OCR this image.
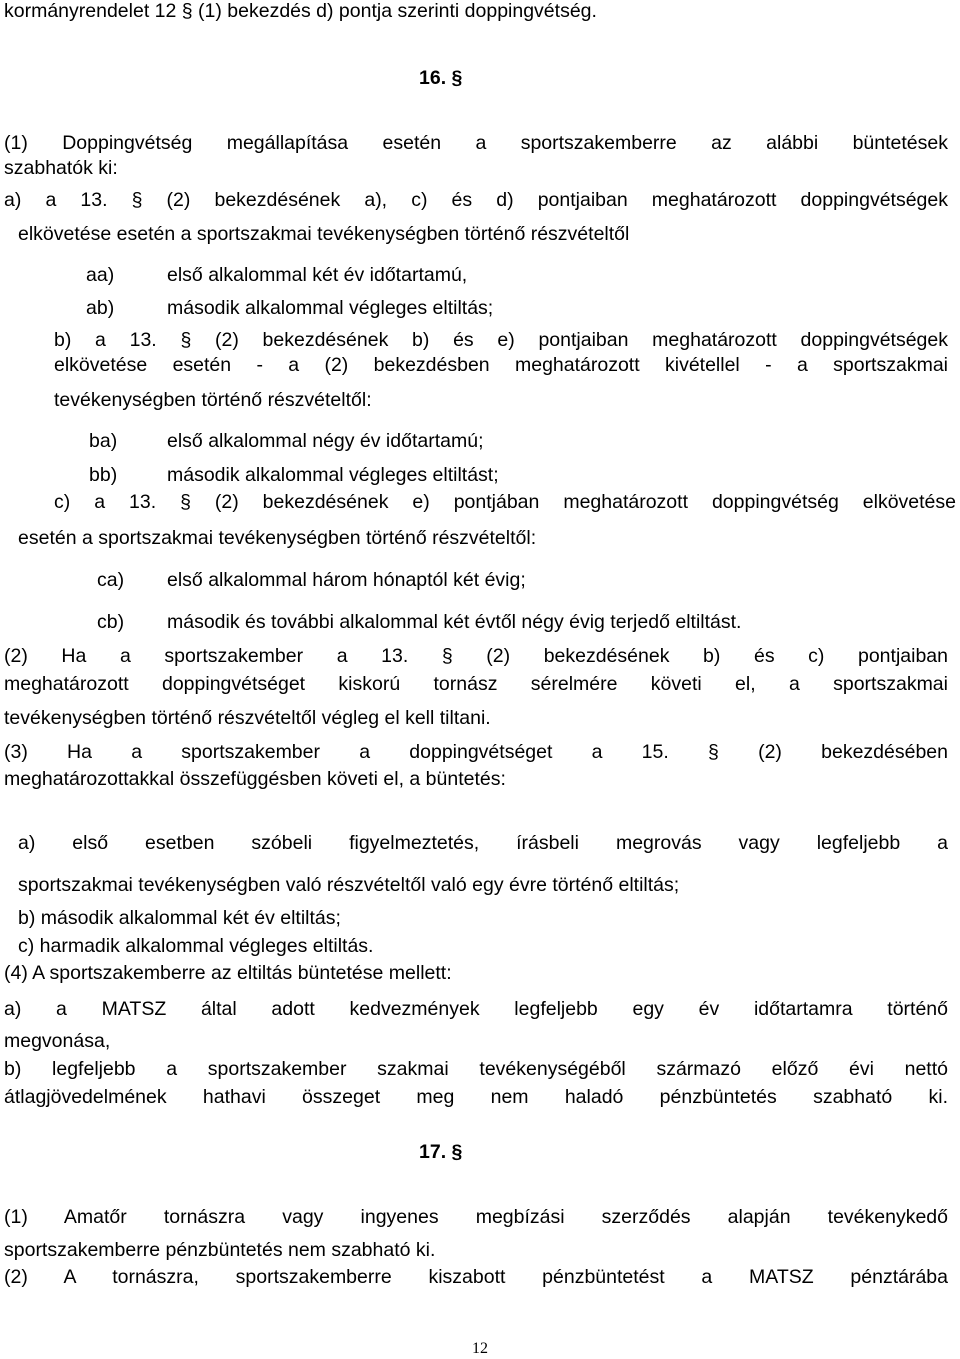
kormányrendelet 12 § (1) bekezdés d) pontja szerinti doppingvétség.

16. §

(1) Doppingvétség megállapítása esetén a sportszakemberre az alábbi büntetések

szabhatók ki:

a) a 13. § (2) bekezdésének a), c) és d) pontjaiban meghatározott doppingvétségek

elkövetése esetén a sportszakmai tevékenységben történő részvételtől

aa)	első alkalommal két év időtartamú,
ab)	második alkalommal végleges eltiltás;

b) a 13. § (2) bekezdésének b) és e) pontjaiban meghatározott doppingvétségek

elkövetése esetén - a (2) bekezdésben meghatározott kivétellel - a sportszakmai

tevékenységben történő részvételtől:

ba)	első alkalommal négy év időtartamú;
bb)	második alkalommal végleges eltiltást;

c) a 13. § (2) bekezdésének e) pontjában meghatározott doppingvétség elkövetése

esetén a sportszakmai tevékenységben történő részvételtől:

ca) első alkalommal három hónaptól két évig;
cb) második és további alkalommal két évtől négy évig terjedő eltiltást.

(2) Ha a sportszakember a 13. § (2) bekezdésének b) és c) pontjaiban

meghatározott doppingvétséget kiskorú tornász sérelmére követi el, a sportszakmai

tevékenységben történő részvételtől végleg el kell tiltani.

(3) Ha a sportszakember a doppingvétséget a 15. § (2) bekezdésében

meghatározottakkal összefüggésben követi el, a büntetés:

a) első esetben szóbeli figyelmeztetés, írásbeli megrovás vagy legfeljebb a

sportszakmai tevékenységben való részvételtől való egy évre történő eltiltás;

b) második alkalommal két év eltiltás;

c) harmadik alkalommal végleges eltiltás.

(4) A sportszakemberre az eltiltás büntetése mellett:

a) a MATSZ által adott kedvezmények legfeljebb egy év időtartamra történő

megvonása,

b) legfeljebb a sportszakember szakmai tevékenységéből származó előző évi nettó

átlagjövedelmének hathavi összeget meg nem haladó pénzbüntetés szabható ki.

17. §

(1) Amatőr tornászra vagy ingyenes megbízási szerződés alapján tevékenykedő

sportszakemberre pénzbüntetés nem szabható ki.

(2) A tornászra, sportszakemberre kiszabott pénzbüntetést a MATSZ pénztárába

12
